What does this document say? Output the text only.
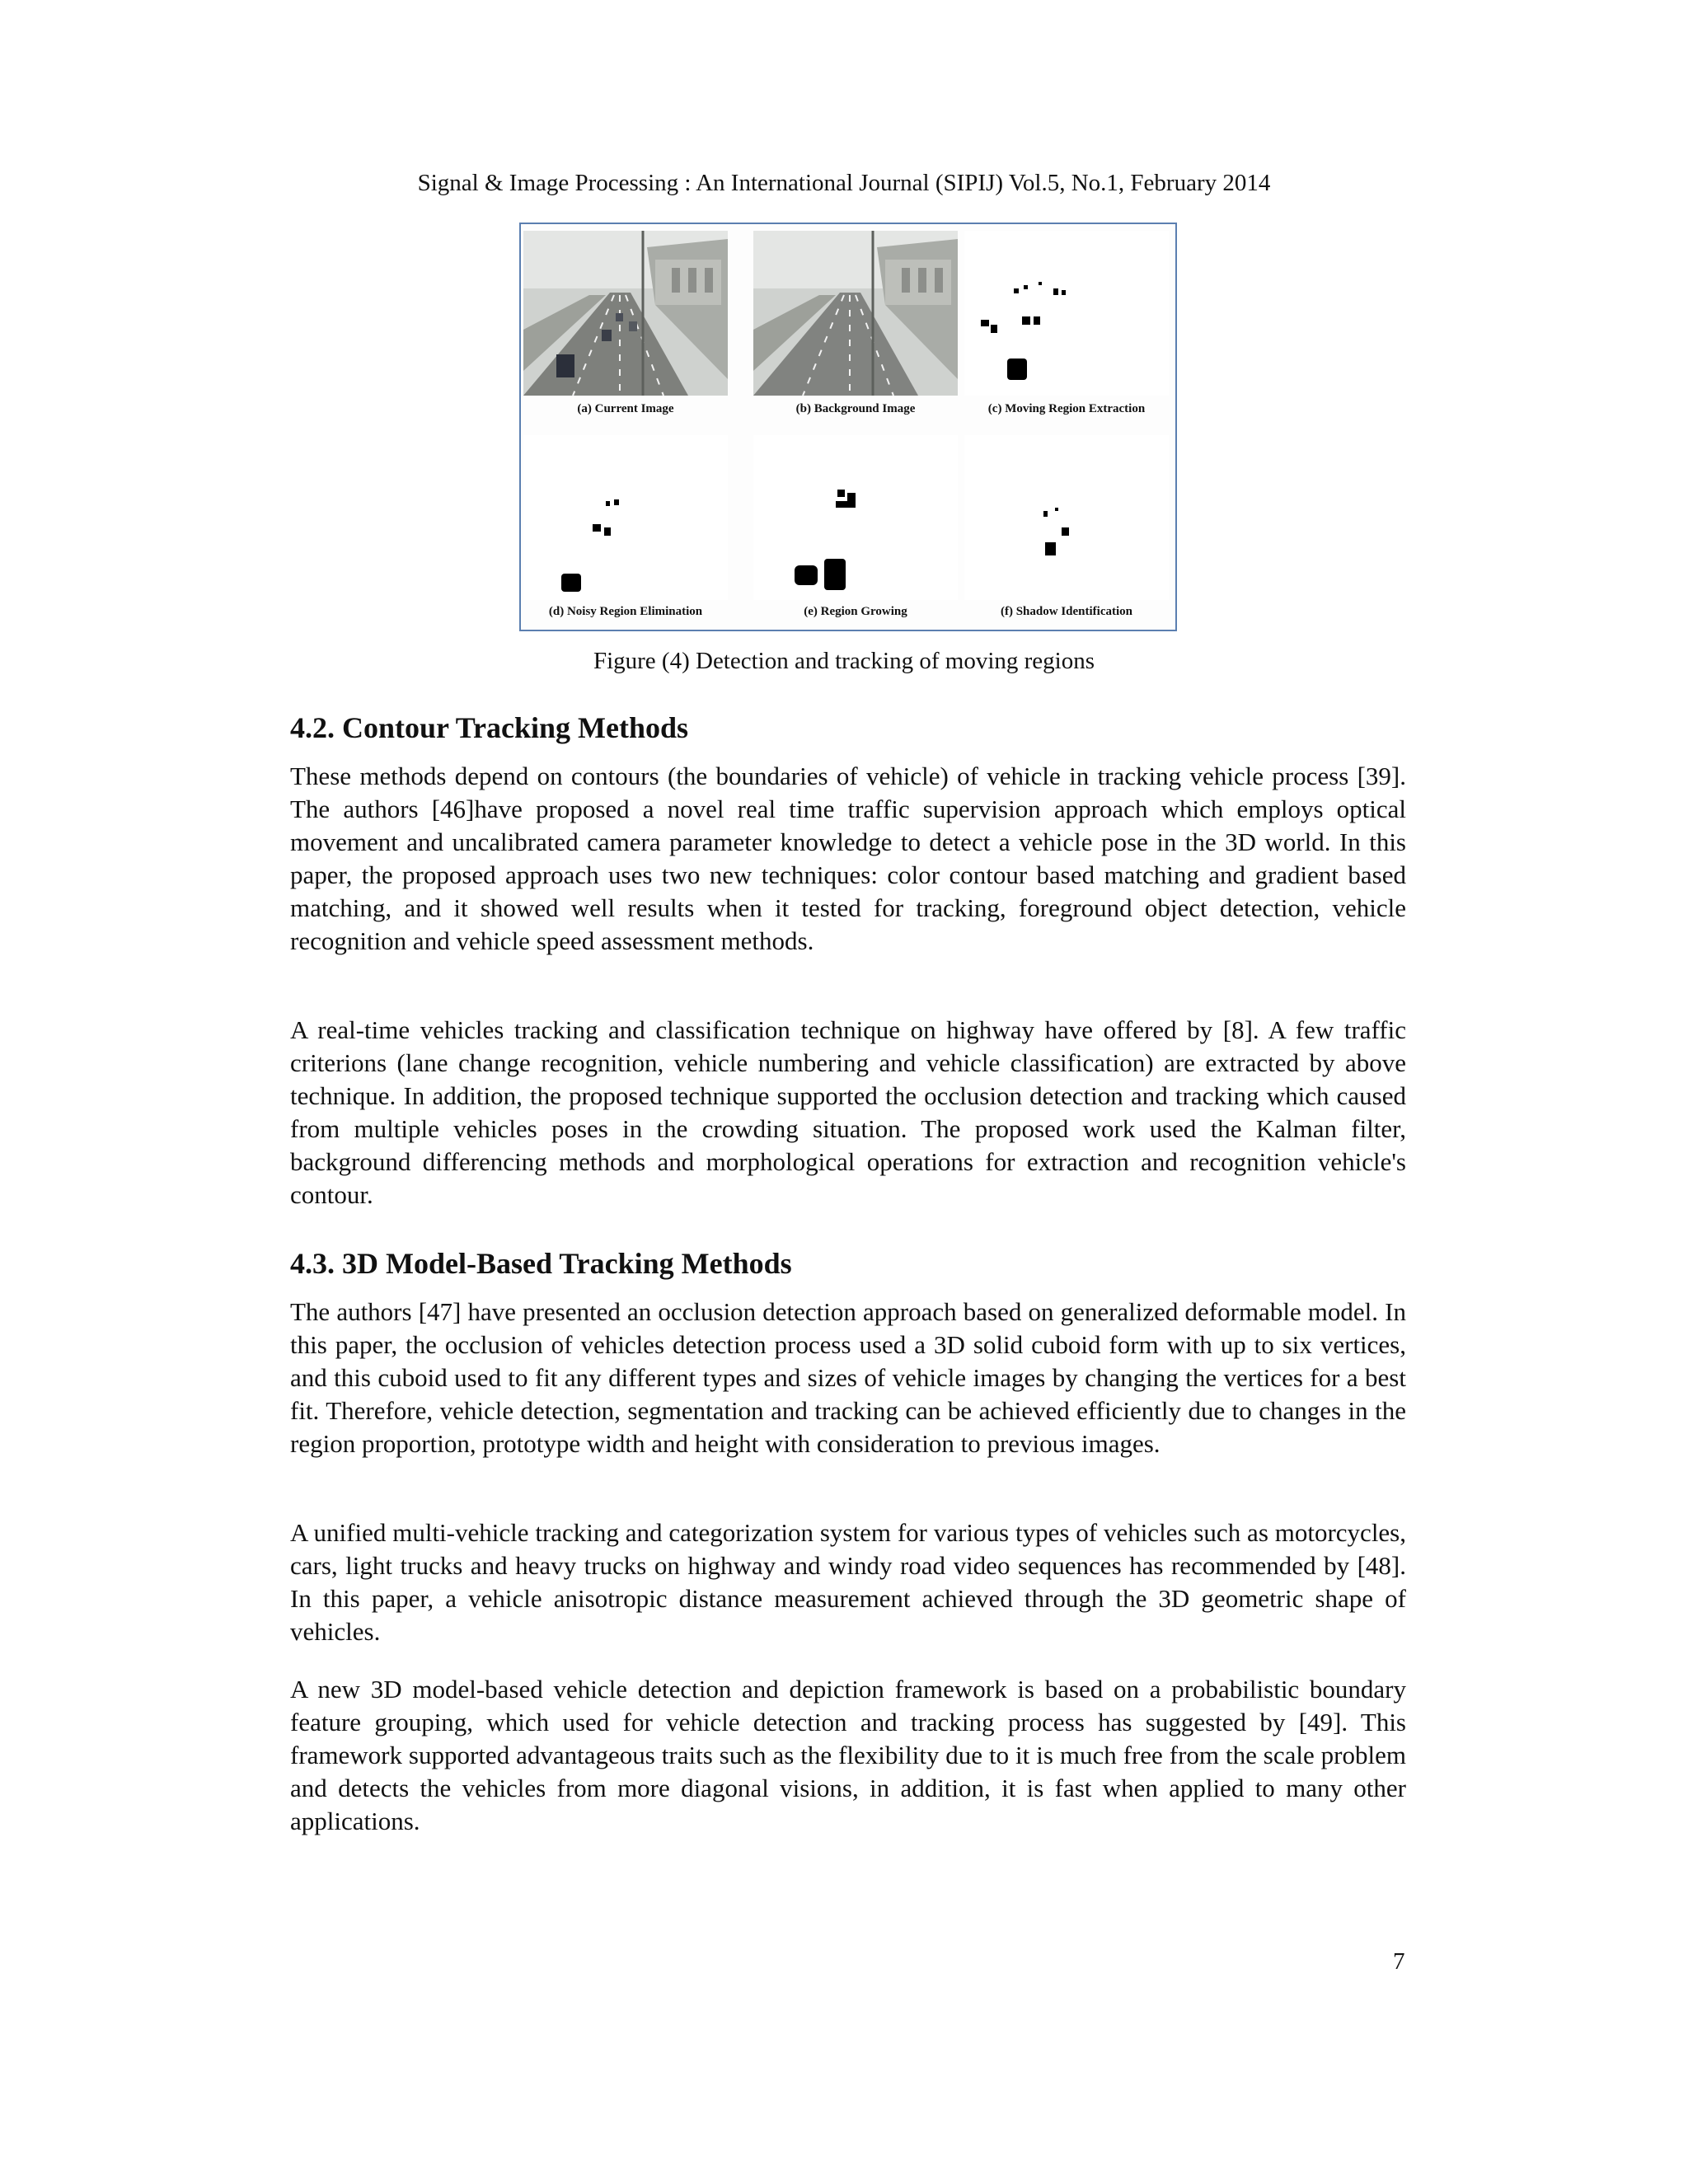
Signal & Image Processing : An International Journal (SIPIJ) Vol.5, No.1, February 2014
(a) Current Image	(b) Background Image	(c) Moving Region Extraction
(d) Noisy Region Elimination	(e) Region Growing	(f) Shadow Identification
Figure (4) Detection and tracking of moving regions
4.2. Contour Tracking Methods

These methods depend on contours (the boundaries of vehicle) of vehicle in tracking vehicle process [39]. The authors [46]have proposed a novel real time traffic supervision approach which employs optical movement and uncalibrated camera parameter knowledge to detect a vehicle pose in the 3D world. In this paper, the proposed approach uses two new techniques: color contour based matching and gradient based matching, and it showed well results when it tested for tracking, foreground object detection, vehicle recognition and vehicle speed assessment methods.

A real-time vehicles tracking and classification technique on highway have offered by [8]. A few traffic criterions (lane change recognition, vehicle numbering and vehicle classification) are extracted by above technique. In addition, the proposed technique supported the occlusion detection and tracking which caused from multiple vehicles poses in the crowding situation. The proposed work used the Kalman filter, background differencing methods and morphological operations for extraction and recognition vehicle's contour.

4.3. 3D Model-Based Tracking Methods

The authors [47] have presented an occlusion detection approach based on generalized deformable model. In this paper, the occlusion of vehicles detection process used a 3D solid cuboid form with up to six vertices, and this cuboid used to fit any different types and sizes of vehicle images by changing the vertices for a best fit. Therefore, vehicle detection, segmentation and tracking can be achieved efficiently due to changes in the region proportion, prototype width and height with consideration to previous images.

A unified multi-vehicle tracking and categorization system for various types of vehicles such as motorcycles, cars, light trucks and heavy trucks on highway and windy road video sequences has recommended by [48]. In this paper, a vehicle anisotropic distance measurement achieved through the 3D geometric shape of vehicles.

A new 3D model-based vehicle detection and depiction framework is based on a probabilistic boundary feature grouping, which used for vehicle detection and tracking process has suggested by [49]. This framework supported advantageous traits such as the flexibility due to it is much free from the scale problem and detects the vehicles from more diagonal visions, in addition, it is fast when applied to many other applications.

7
